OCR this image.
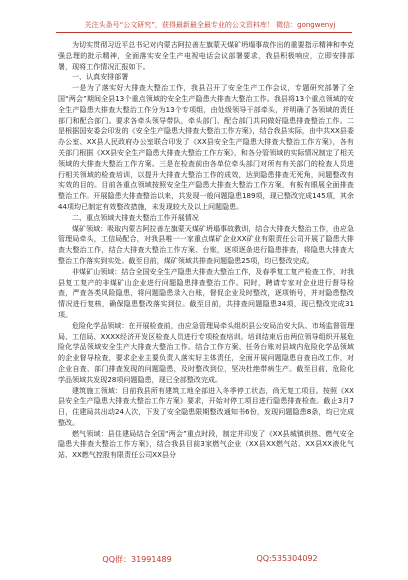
关注头条号“公文研究”，获得最新最全最专业的公文资料库！ 微信：gongwenyj

为切实贯彻习近平总书记对内蒙古阿拉善左旗蒙天煤矿坍塌事故作出的重要指示精神和李克强总理的批示精神，全面落实安全生产电视电话会议部署要求，我县积极响应，立即安排部署，现将工作情况汇报如下。

一、认真安排部署

一是为了落实好大排查大整治工作，我县召开了安全生产工作会议，专题研究部署了全国“两会”期间全县13个重点领域的安全生产隐患大排查大整治工作。我县将13个重点领域的安全生产隐患大排查大整治工作分为13个专项组，由处级领导干部牵头，并明确了各领域的责任部门和配合部门。要求各牵头领导带队，牵头部门、配合部门共同做好隐患排查整治工作。二是根据国安委会印发的《安全生产隐患大排查大整治工作方案》，结合我县实际，由中共XX县委办公室、XX县人民政府办公室联合印发了《XX县安全生产隐患大排查大整治工作方案》，各有关部门根据《XX县安全生产隐患大排查大整治工作方案》，和各分管领域的实际情况制定了相关领域的大排查大整治工作方案。三是在检查前由各单位牵头部门对所有有关部门的检查人员进行相关领域的检查培训，以提升大排查大整治工作的成效，达到隐患排查无死角，问题整改有实效的目的。目前各重点领域按照安全生产隐患大排查大整治工作方案，有板有眼展全面排查整治工作。开展隐患大排查整治以来，共发现一般问题隐患189项，现已整改完成145项，其余44项均已制定有效整改措施，未发现较大及以上问题隐患。

二、重点领域大排查大整治工作开展情况

煤矿领域：吸取内蒙古阿拉善左旗蒙天煤矿坍塌事故教训，结合大排查大整治工作，由应急管理局牵头，工信局配合，对我县唯一一家重点煤矿企业XX矿业有限责任公司开展了隐患大排查大整治工作，结合大排查大整治工作方案、台账，逐项逐条进行隐患排查，将隐患大排查大整治工作落实到实处。截至目前，煤矿领域共排查问题隐患25项，均已整改完成。

非煤矿山领域：结合全国安全生产隐患大排查大整治工作，及春季复工复产检查工作，对我县复工复产的非煤矿山企业进行问题隐患排查整治工作。同时，聘请专家对企业进行督导检查，严查各类风险隐患，将问题隐患录入台账，督促企业及时整改，逐项销号，并对隐患整改情况进行复核，确保隐患整改落实到位。截至目前，共排查问题隐患34项，现已整改完成31项。

危险化学品领域：在开展检查前，由应急管理局牵头组织县公安局治安大队、市场监督管理局、工信局、XXXX经济开发区检查人员进行专项检查培训。培训结束后由两位领导组织开展危险化学品领域安全生产大排查大整治工作。结合工作方案、任务台账对县域内危险化学品领域的企业督导检查，要求企业主要负责人落实好主体责任，全面开展问题隐患自查自改工作，对企业自查、部门排查发现的问题隐患，及时整改到位，坚决杜绝带病生产。截至目前，危险化学品领域共发现28项问题隐患，现已全部整改完成。

建筑施工领域：目前我县所有建筑工地全部进入冬季停工状态，尚无复工项目。按照《XX县安全生产隐患大排查大整治工作方案》要求，开始对停工项目进行隐患排查检查。截止3月7日，住建局共出动24人次，下发了安全隐患限期整改通知书6份，发现问题隐患8条，均已完成整改。

燃气领域：县住建局结合全国“两会”重点时段，制定并印发了《XX县城镇供热、燃气安全隐患大排查大整治工作方案》，结合我县目前3家燃气企业（XX县XX燃气站、XX县XX液化气站、XX燃气控股有限责任公司XX县分

QQ群：31991489	QQ:535304092
